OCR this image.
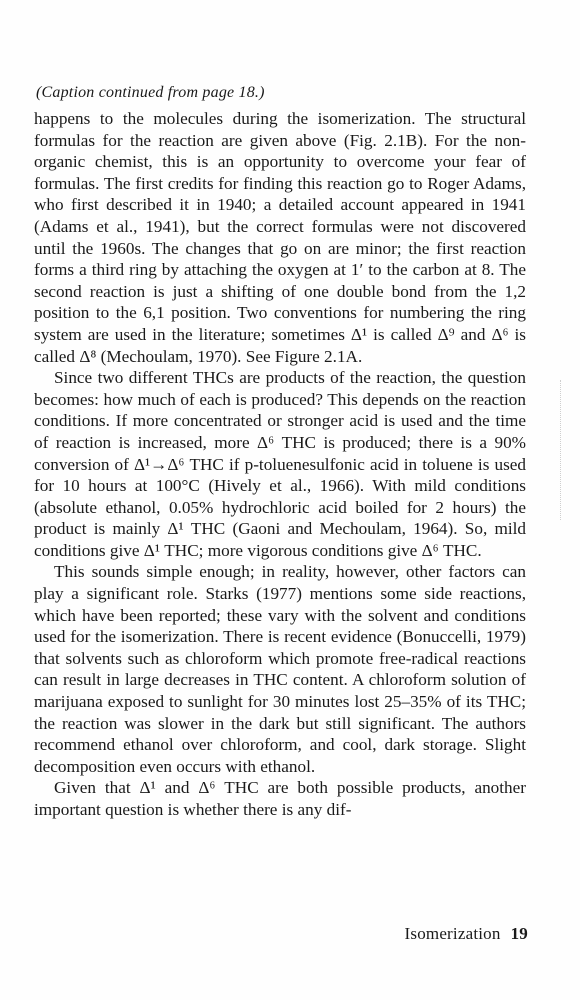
(Caption continued from page 18.)

happens to the molecules during the isomerization. The structural formulas for the reaction are given above (Fig. 2.1B). For the non-organic chemist, this is an opportunity to overcome your fear of formulas. The first credits for finding this reaction go to Roger Adams, who first described it in 1940; a detailed account appeared in 1941 (Adams et al., 1941), but the correct formulas were not discovered until the 1960s. The changes that go on are minor; the first reaction forms a third ring by attaching the oxygen at 1′ to the carbon at 8. The second reaction is just a shifting of one double bond from the 1,2 position to the 6,1 position. Two conventions for numbering the ring system are used in the literature; sometimes Δ¹ is called Δ⁹ and Δ⁶ is called Δ⁸ (Mechoulam, 1970). See Figure 2.1A.

Since two different THCs are products of the reaction, the question becomes: how much of each is produced? This depends on the reaction conditions. If more concentrated or stronger acid is used and the time of reaction is increased, more Δ⁶ THC is produced; there is a 90% conversion of Δ¹→Δ⁶ THC if p-toluenesulfonic acid in toluene is used for 10 hours at 100°C (Hively et al., 1966). With mild conditions (absolute ethanol, 0.05% hydrochloric acid boiled for 2 hours) the product is mainly Δ¹ THC (Gaoni and Mechoulam, 1964). So, mild conditions give Δ¹ THC; more vigorous conditions give Δ⁶ THC.

This sounds simple enough; in reality, however, other factors can play a significant role. Starks (1977) mentions some side reactions, which have been reported; these vary with the solvent and conditions used for the isomerization. There is recent evidence (Bonuccelli, 1979) that solvents such as chloroform which promote free-radical reactions can result in large decreases in THC content. A chloroform solution of marijuana exposed to sunlight for 30 minutes lost 25–35% of its THC; the reaction was slower in the dark but still significant. The authors recommend ethanol over chloroform, and cool, dark storage. Slight decomposition even occurs with ethanol.

Given that Δ¹ and Δ⁶ THC are both possible products, another important question is whether there is any dif-

Isomerization 19
